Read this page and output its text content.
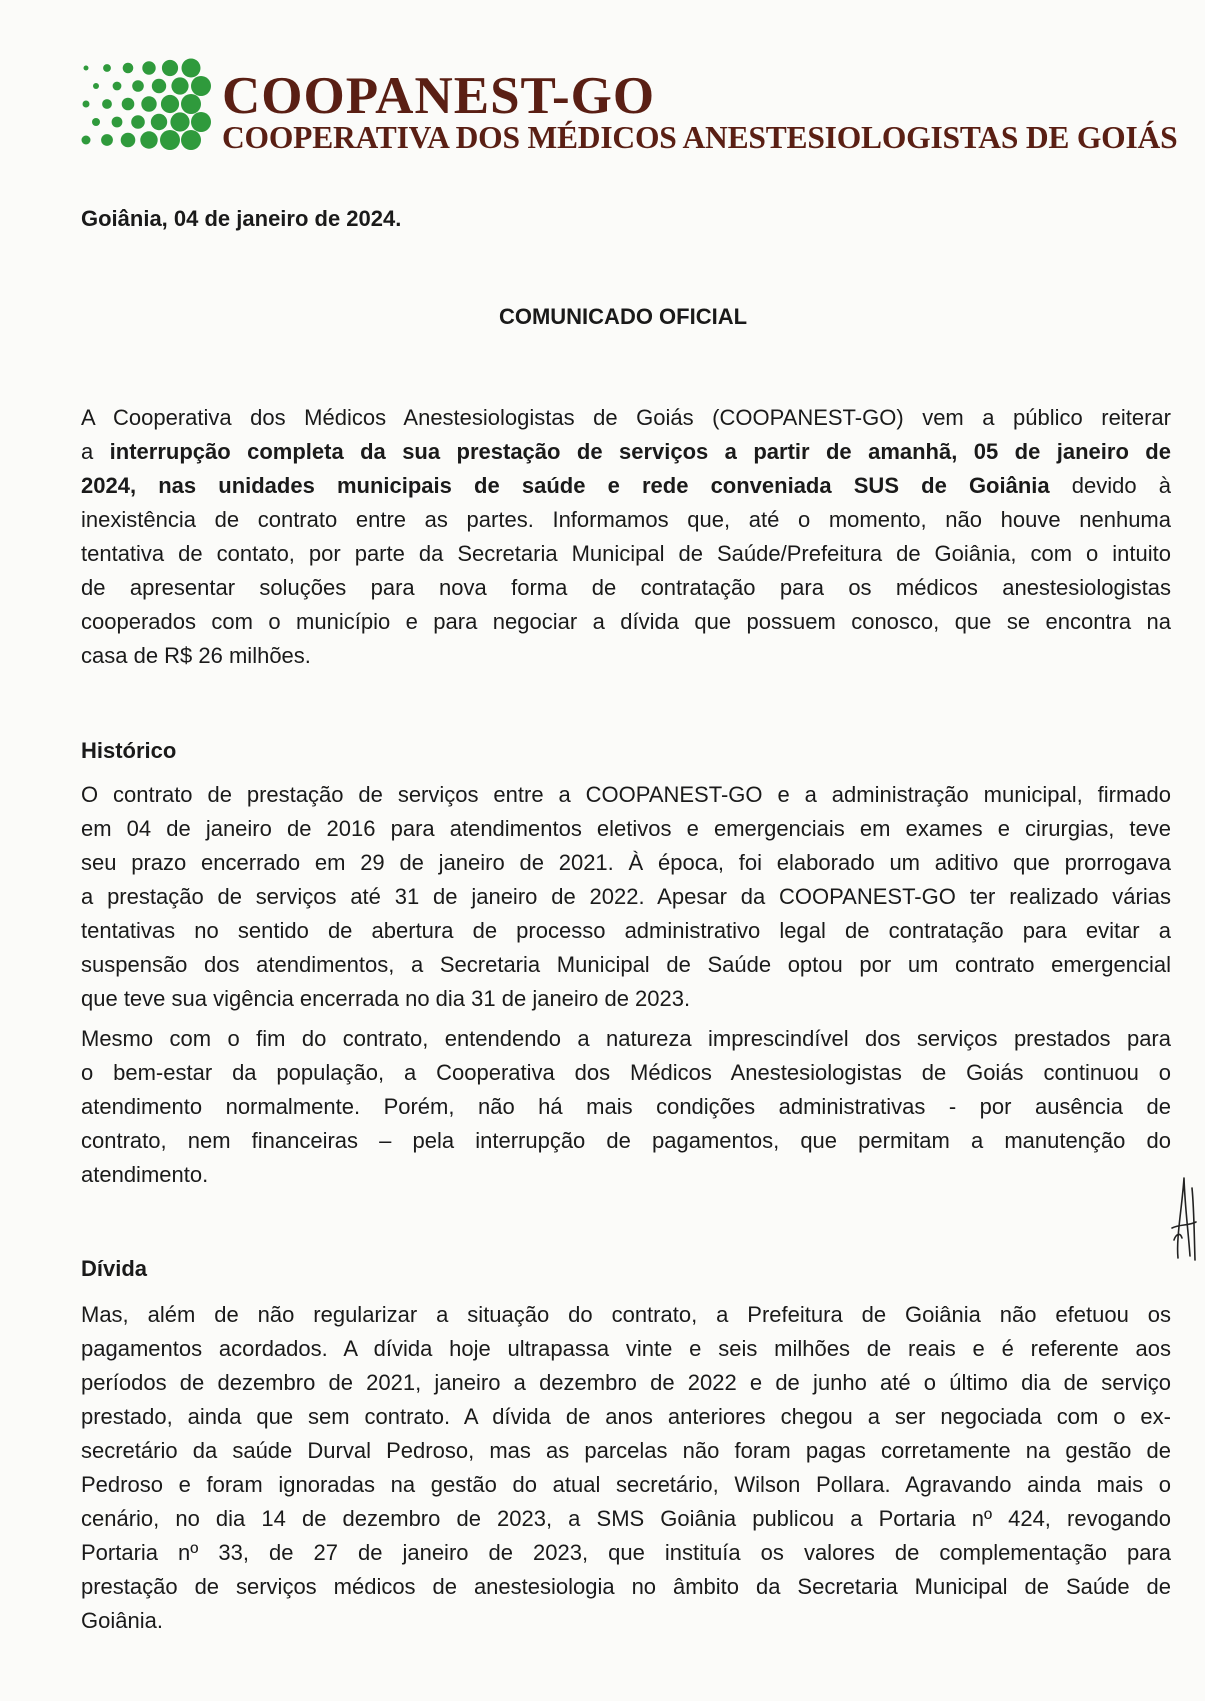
COOPANEST-GO
COOPERATIVA DOS MÉDICOS ANESTESIOLOGISTAS DE GOIÁS
Goiânia, 04 de janeiro de 2024.
COMUNICADO OFICIAL
A Cooperativa dos Médicos Anestesiologistas de Goiás (COOPANEST-GO) vem a público reiterar
a interrupção completa da sua prestação de serviços a partir de amanhã, 05 de janeiro de
2024, nas unidades municipais de saúde e rede conveniada SUS de Goiânia devido à
inexistência de contrato entre as partes. Informamos que, até o momento, não houve nenhuma
tentativa de contato, por parte da Secretaria Municipal de Saúde/Prefeitura de Goiânia, com o intuito
de apresentar soluções para nova forma de contratação para os médicos anestesiologistas
cooperados com o município e para negociar a dívida que possuem conosco, que se encontra na
casa de R$ 26 milhões.
Histórico
O contrato de prestação de serviços entre a COOPANEST-GO e a administração municipal, firmado
em 04 de janeiro de 2016 para atendimentos eletivos e emergenciais em exames e cirurgias, teve
seu prazo encerrado em 29 de janeiro de 2021. À época, foi elaborado um aditivo que prorrogava
a prestação de serviços até 31 de janeiro de 2022. Apesar da COOPANEST-GO ter realizado várias
tentativas no sentido de abertura de processo administrativo legal de contratação para evitar a
suspensão dos atendimentos, a Secretaria Municipal de Saúde optou por um contrato emergencial
que teve sua vigência encerrada no dia 31 de janeiro de 2023.
Mesmo com o fim do contrato, entendendo a natureza imprescindível dos serviços prestados para
o bem-estar da população, a Cooperativa dos Médicos Anestesiologistas de Goiás continuou o
atendimento normalmente. Porém, não há mais condições administrativas - por ausência de
contrato, nem financeiras – pela interrupção de pagamentos, que permitam a manutenção do
atendimento.
Dívida
Mas, além de não regularizar a situação do contrato, a Prefeitura de Goiânia não efetuou os
pagamentos acordados. A dívida hoje ultrapassa vinte e seis milhões de reais e é referente aos
períodos de dezembro de 2021, janeiro a dezembro de 2022 e de junho até o último dia de serviço
prestado, ainda que sem contrato. A dívida de anos anteriores chegou a ser negociada com o ex-
secretário da saúde Durval Pedroso, mas as parcelas não foram pagas corretamente na gestão de
Pedroso e foram ignoradas na gestão do atual secretário, Wilson Pollara. Agravando ainda mais o
cenário, no dia 14 de dezembro de 2023, a SMS Goiânia publicou a Portaria nº 424, revogando
Portaria nº 33, de 27 de janeiro de 2023, que instituía os valores de complementação para
prestação de serviços médicos de anestesiologia no âmbito da Secretaria Municipal de Saúde de
Goiânia.
